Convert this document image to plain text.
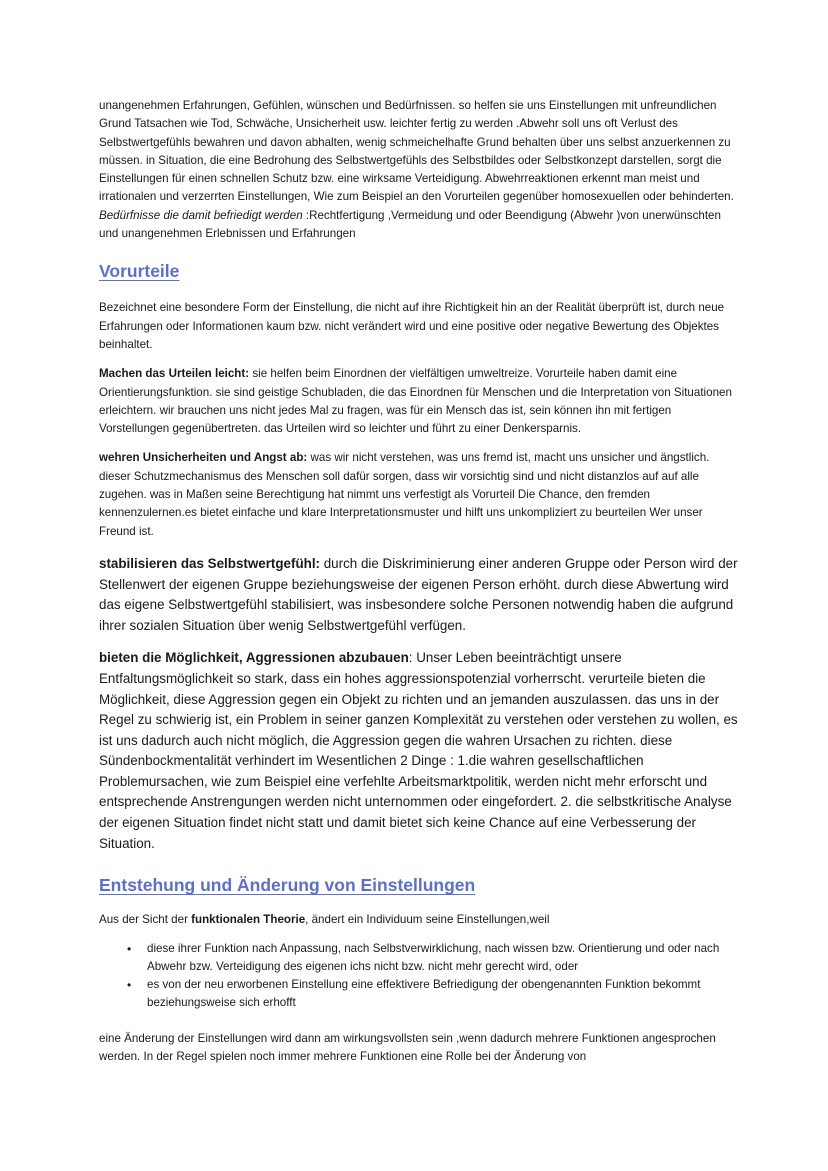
unangenehmen Erfahrungen, Gefühlen, wünschen und Bedürfnissen. so helfen sie uns Einstellungen mit unfreundlichen Grund Tatsachen wie Tod, Schwäche, Unsicherheit usw. leichter fertig zu werden .Abwehr soll uns oft Verlust des Selbstwertgefühls bewahren und davon abhalten, wenig schmeichelhafte Grund behalten über uns selbst anzuerkennen zu müssen. in Situation, die eine Bedrohung des Selbstwertgefühls des Selbstbildes oder Selbstkonzept darstellen, sorgt die Einstellungen für einen schnellen Schutz bzw. eine wirksame Verteidigung. Abwehrreaktionen erkennt man meist und irrationalen und verzerrten Einstellungen, Wie zum Beispiel an den Vorurteilen gegenüber homosexuellen oder behinderten. Bedürfnisse die damit befriedigt werden :Rechtfertigung ,Vermeidung und oder Beendigung (Abwehr )von unerwünschten und unangenehmen Erlebnissen und Erfahrungen

Vorurteile

Bezeichnet eine besondere Form der Einstellung, die nicht auf ihre Richtigkeit hin an der Realität überprüft ist, durch neue Erfahrungen oder Informationen kaum bzw. nicht verändert wird und eine positive oder negative Bewertung des Objektes beinhaltet.

Machen das Urteilen leicht: sie helfen beim Einordnen der vielfältigen umweltreize. Vorurteile haben damit eine Orientierungsfunktion. sie sind geistige Schubladen, die das Einordnen für Menschen und die Interpretation von Situationen erleichtern. wir brauchen uns nicht jedes Mal zu fragen, was für ein Mensch das ist, sein können ihn mit fertigen Vorstellungen gegenübertreten. das Urteilen wird so leichter und führt zu einer Denkersparnis.

wehren Unsicherheiten und Angst ab: was wir nicht verstehen, was uns fremd ist, macht uns unsicher und ängstlich. dieser Schutzmechanismus des Menschen soll dafür sorgen, dass wir vorsichtig sind und nicht distanzlos auf auf alle zugehen. was in Maßen seine Berechtigung hat nimmt uns verfestigt als Vorurteil Die Chance, den fremden kennenzulernen.es bietet einfache und klare Interpretationsmuster und hilft uns unkompliziert zu beurteilen Wer unser Freund ist.

stabilisieren das Selbstwertgefühl: durch die Diskriminierung einer anderen Gruppe oder Person wird der Stellenwert der eigenen Gruppe beziehungsweise der eigenen Person erhöht. durch diese Abwertung wird das eigene Selbstwertgefühl stabilisiert, was insbesondere solche Personen notwendig haben die aufgrund ihrer sozialen Situation über wenig Selbstwertgefühl verfügen.

bieten die Möglichkeit, Aggressionen abzubauen: Unser Leben beeinträchtigt unsere Entfaltungsmöglichkeit so stark, dass ein hohes aggressionspotenzial vorherrscht. verurteile bieten die Möglichkeit, diese Aggression gegen ein Objekt zu richten und an jemanden auszulassen. das uns in der Regel zu schwierig ist, ein Problem in seiner ganzen Komplexität zu verstehen oder verstehen zu wollen, es ist uns dadurch auch nicht möglich, die Aggression gegen die wahren Ursachen zu richten. diese Sündenbockmentalität verhindert im Wesentlichen 2 Dinge : 1.die wahren gesellschaftlichen Problemursachen, wie zum Beispiel eine verfehlte Arbeitsmarktpolitik, werden nicht mehr erforscht und entsprechende Anstrengungen werden nicht unternommen oder eingefordert. 2. die selbstkritische Analyse der eigenen Situation findet nicht statt und damit bietet sich keine Chance auf eine Verbesserung der Situation.

Entstehung und Änderung von Einstellungen

Aus der Sicht der funktionalen Theorie, ändert ein Individuum seine Einstellungen,weil

• diese ihrer Funktion nach Anpassung, nach Selbstverwirklichung, nach wissen bzw. Orientierung und oder nach Abwehr bzw. Verteidigung des eigenen ichs nicht bzw. nicht mehr gerecht wird, oder
• es von der neu erworbenen Einstellung eine effektivere Befriedigung der obengenannten Funktion bekommt beziehungsweise sich erhofft

eine Änderung der Einstellungen wird dann am wirkungsvollsten sein ,wenn dadurch mehrere Funktionen angesprochen werden. In der Regel spielen noch immer mehrere Funktionen eine Rolle bei der Änderung von
